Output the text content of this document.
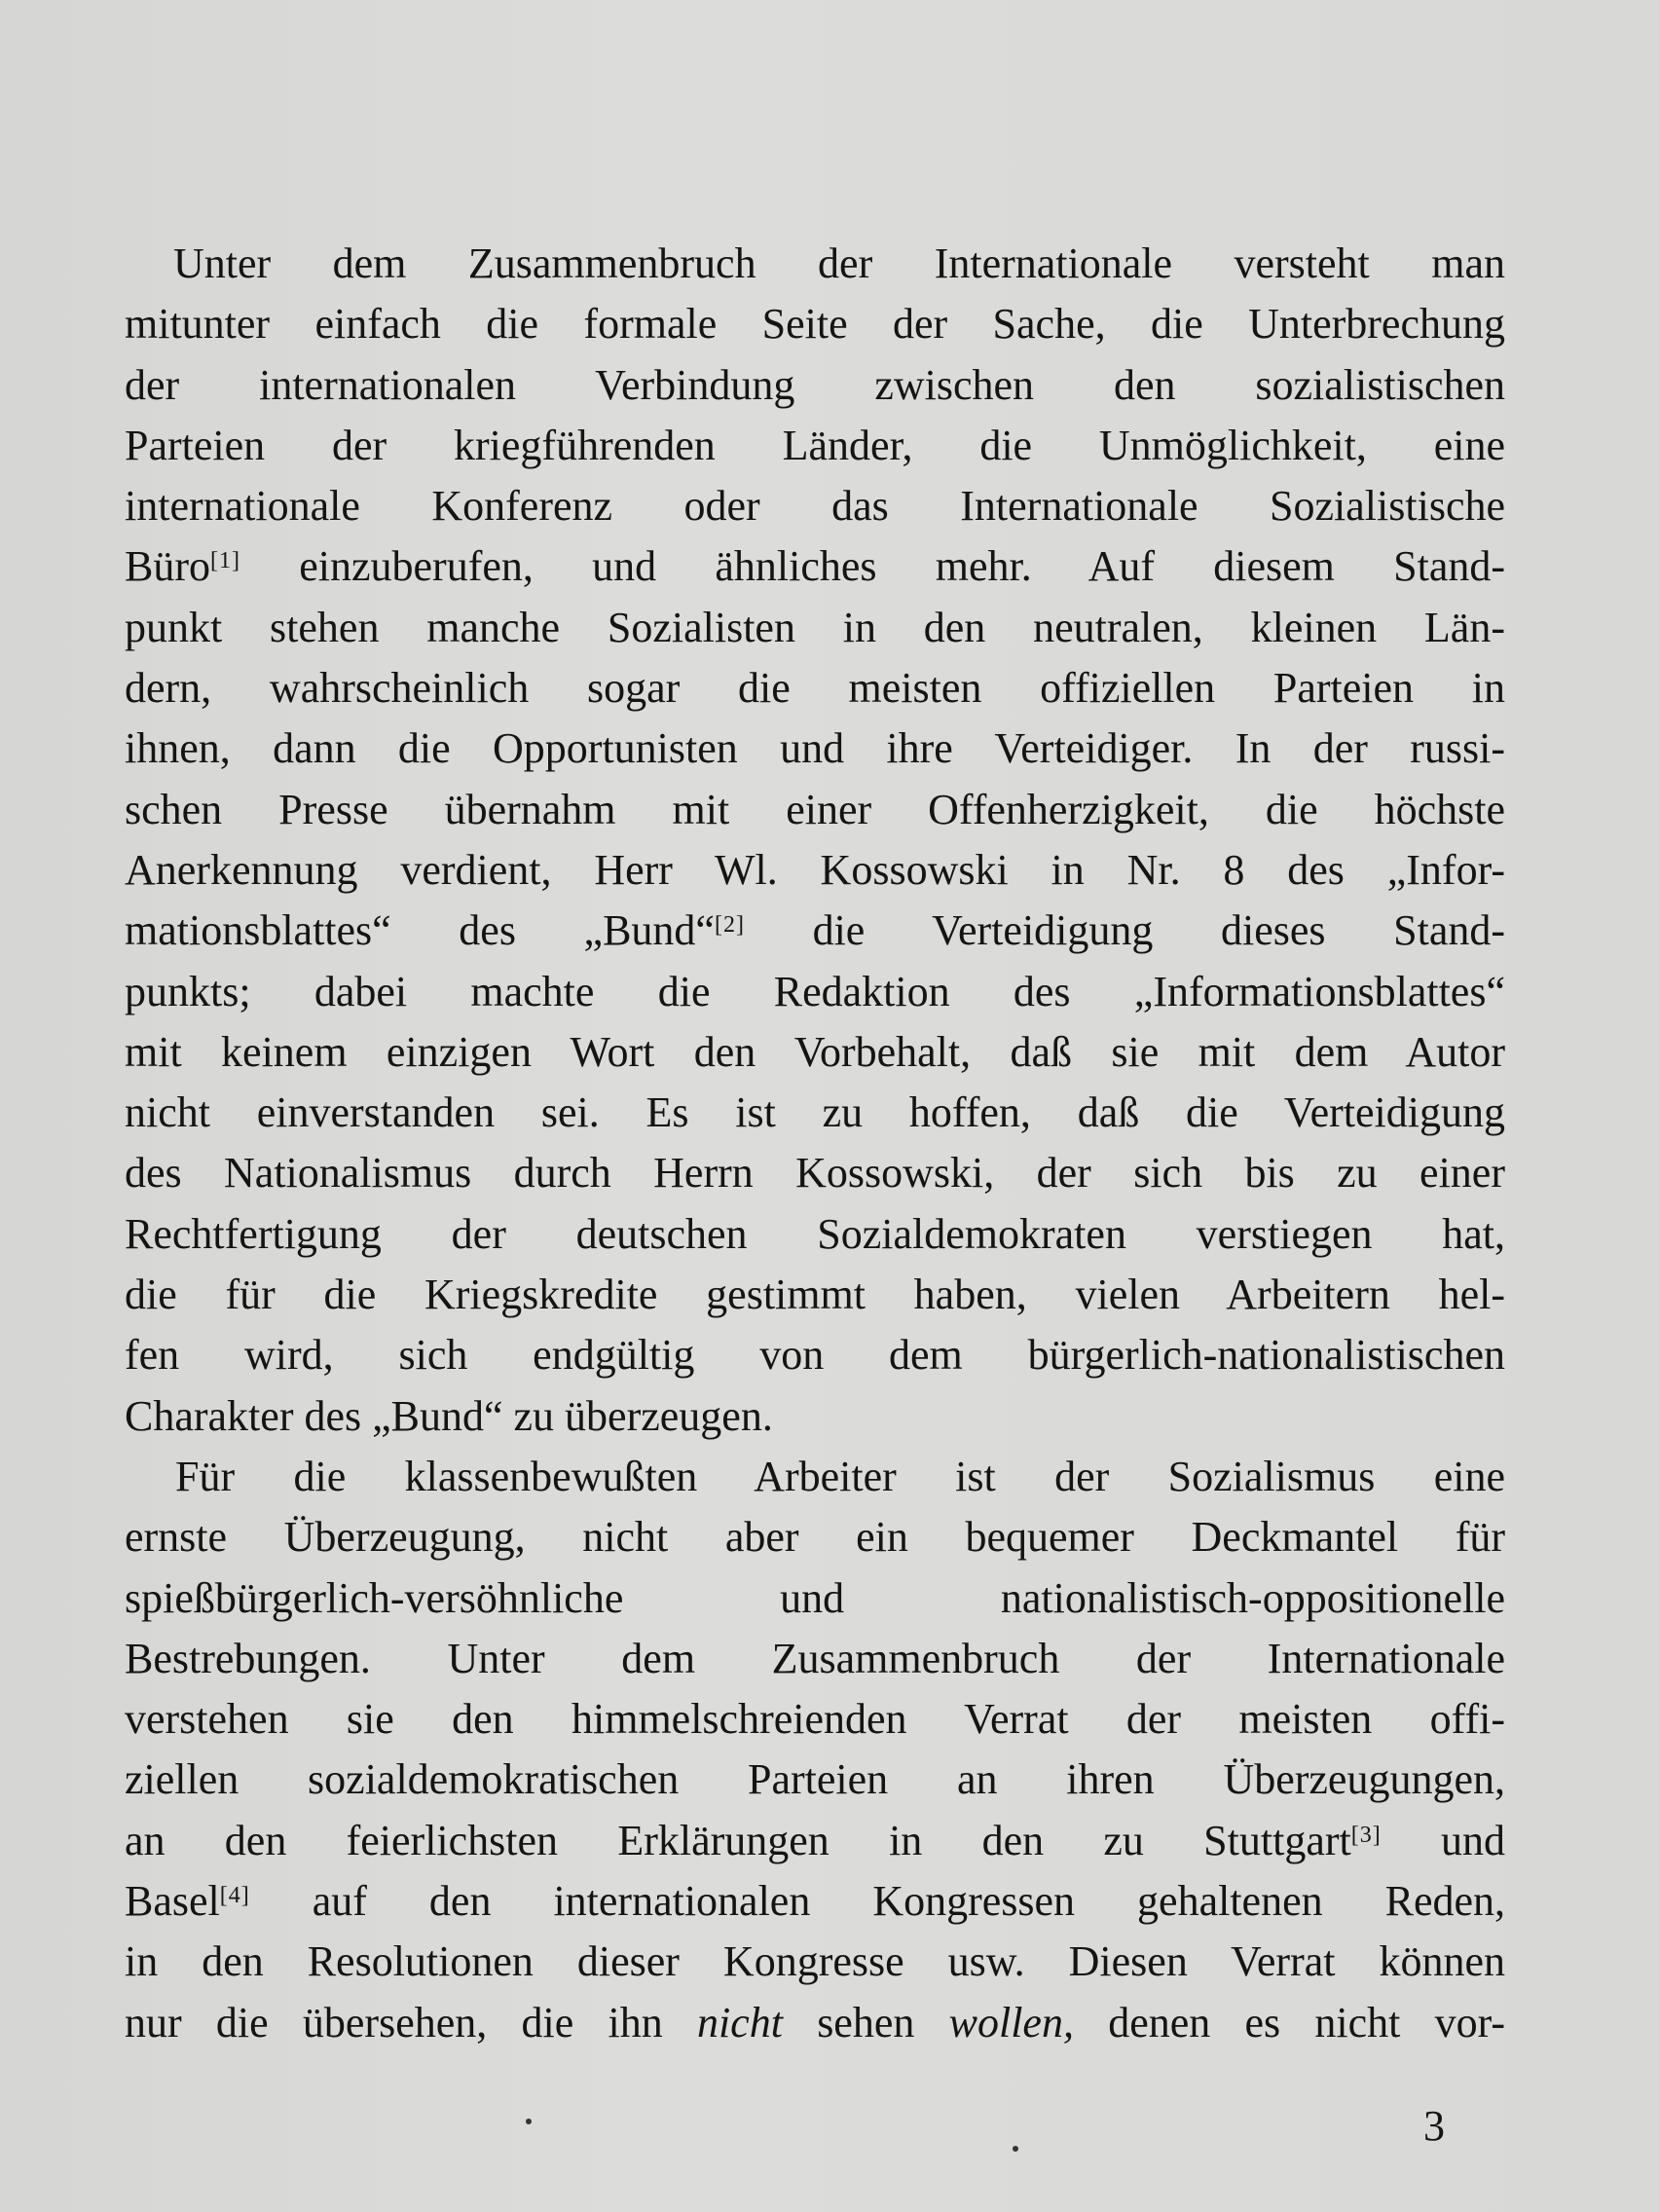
Unter dem Zusammenbruch der Internationale versteht man
mitunter einfach die formale Seite der Sache, die Unterbrechung
der internationalen Verbindung zwischen den sozialistischen
Parteien der kriegführenden Länder, die Unmöglichkeit, eine
internationale Konferenz oder das Internationale Sozialistische
Büro[1] einzuberufen, und ähnliches mehr. Auf diesem Stand-
punkt stehen manche Sozialisten in den neutralen, kleinen Län-
dern, wahrscheinlich sogar die meisten offiziellen Parteien in
ihnen, dann die Opportunisten und ihre Verteidiger. In der russi-
schen Presse übernahm mit einer Offenherzigkeit, die höchste
Anerkennung verdient, Herr Wl. Kossowski in Nr. 8 des „Infor-
mationsblattes“ des „Bund“[2] die Verteidigung dieses Stand-
punkts; dabei machte die Redaktion des „Informationsblattes“
mit keinem einzigen Wort den Vorbehalt, daß sie mit dem Autor
nicht einverstanden sei. Es ist zu hoffen, daß die Verteidigung
des Nationalismus durch Herrn Kossowski, der sich bis zu einer
Rechtfertigung der deutschen Sozialdemokraten verstiegen hat,
die für die Kriegskredite gestimmt haben, vielen Arbeitern hel-
fen wird, sich endgültig von dem bürgerlich-nationalistischen
Charakter des „Bund“ zu überzeugen.
Für die klassenbewußten Arbeiter ist der Sozialismus eine
ernste Überzeugung, nicht aber ein bequemer Deckmantel für
spießbürgerlich-versöhnliche und nationalistisch-oppositionelle
Bestrebungen. Unter dem Zusammenbruch der Internationale
verstehen sie den himmelschreienden Verrat der meisten offi-
ziellen sozialdemokratischen Parteien an ihren Überzeugungen,
an den feierlichsten Erklärungen in den zu Stuttgart[3] und
Basel[4] auf den internationalen Kongressen gehaltenen Reden,
in den Resolutionen dieser Kongresse usw. Diesen Verrat können
nur die übersehen, die ihn nicht sehen wollen, denen es nicht vor-
3
